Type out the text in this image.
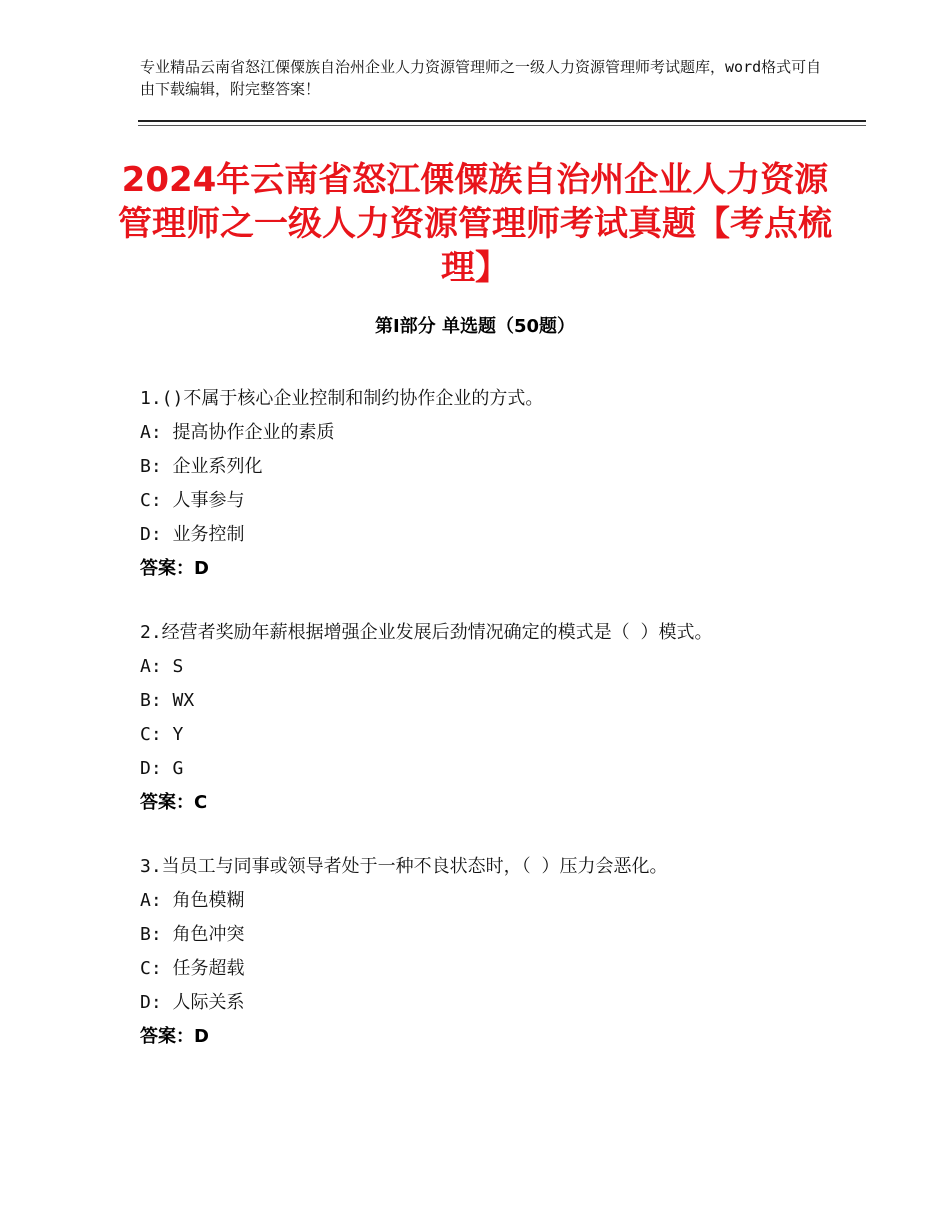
专业精品云南省怒江傈僳族自治州企业人力资源管理师之一级人力资源管理师考试题库，word格式可自由下载编辑，附完整答案！
2024年云南省怒江傈僳族自治州企业人力资源管理师之一级人力资源管理师考试真题【考点梳理】
第Ⅰ部分 单选题（50题）
1.()不属于核心企业控制和制约协作企业的方式。
A: 提高协作企业的素质
B: 企业系列化
C: 人事参与
D: 业务控制
答案：D
2.经营者奖励年薪根据增强企业发展后劲情况确定的模式是（ ）模式。
A: S
B: WX
C: Y
D: G
答案：C
3.当员工与同事或领导者处于一种不良状态时，（ ）压力会恶化。
A: 角色模糊
B: 角色冲突
C: 任务超载
D: 人际关系
答案：D
